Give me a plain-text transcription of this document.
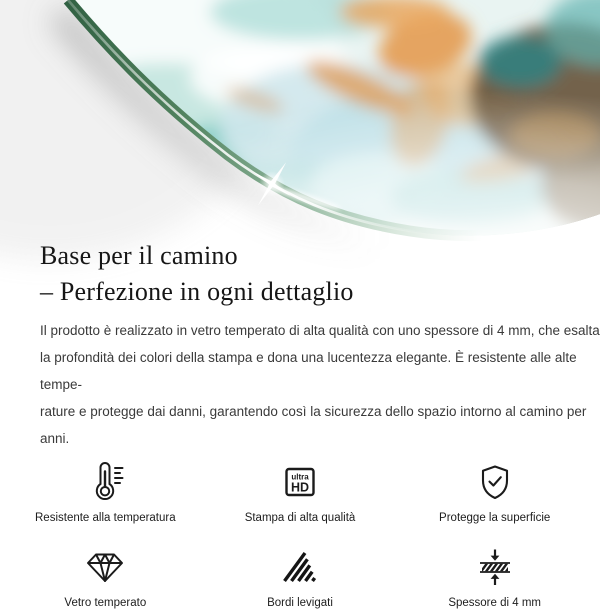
Base per il camino
– Perfezione in ogni dettaglio

Il prodotto è realizzato in vetro temperato di alta qualità con uno spessore di 4 mm, che esalta
la profondità dei colori della stampa e dona una lucentezza elegante. È resistente alle alte tempe-
rature e protegge dai danni, garantendo così la sicurezza dello spazio intorno al camino per anni.

Resistente alla temperatura
ultra
HD
Stampa di alta qualità	Protegge la superficie
Vetro temperato	Bordi levigati	Spessore di 4 mm
